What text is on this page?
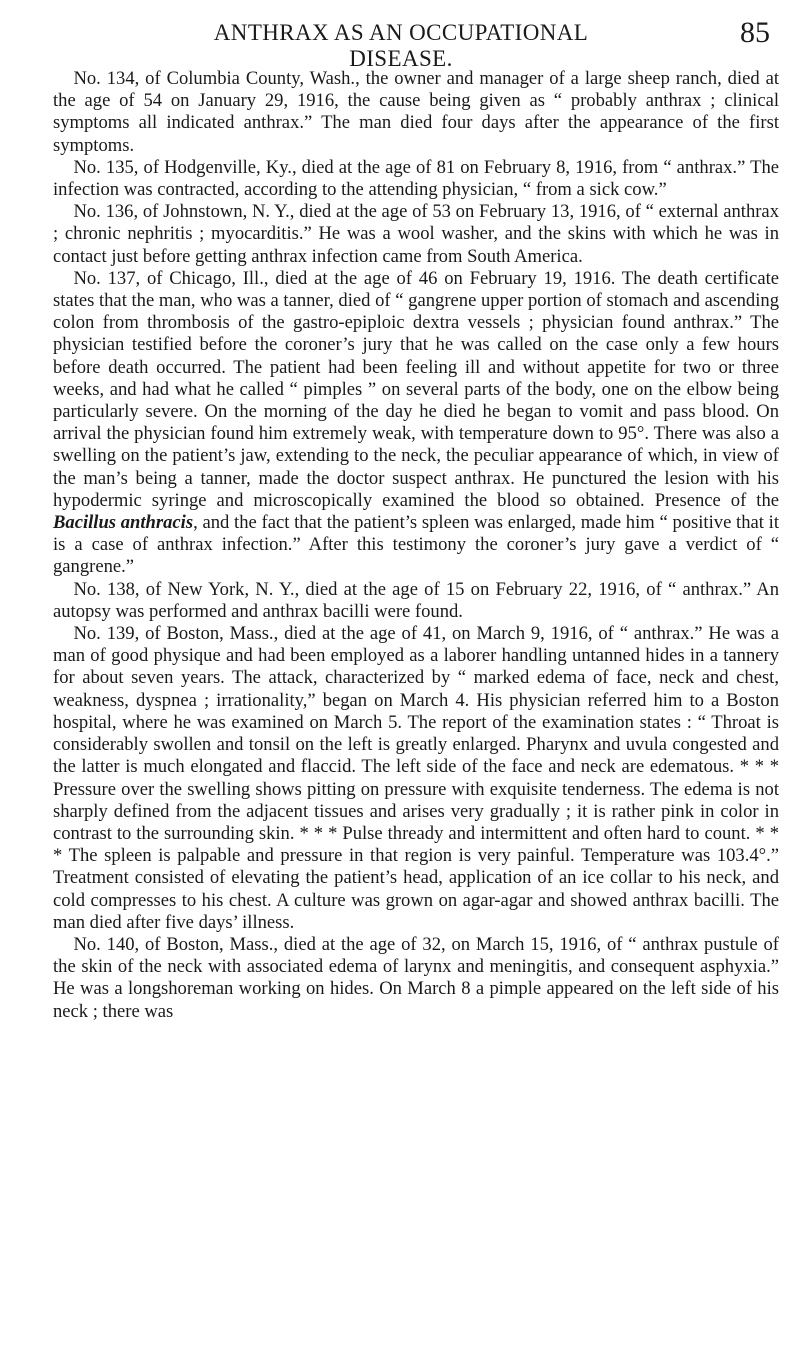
ANTHRAX AS AN OCCUPATIONAL DISEASE.
85

No. 134, of Columbia County, Wash., the owner and manager of a large sheep ranch, died at the age of 54 on January 29, 1916, the cause being given as “ probably anthrax ; clinical symptoms all indicated anthrax.” The man died four days after the appearance of the first symptoms.

No. 135, of Hodgenville, Ky., died at the age of 81 on February 8, 1916, from “ anthrax.” The infection was contracted, according to the attending physician, “ from a sick cow.”

No. 136, of Johnstown, N. Y., died at the age of 53 on February 13, 1916, of “ external anthrax ; chronic nephritis ; myocarditis.” He was a wool washer, and the skins with which he was in contact just before getting anthrax infection came from South America.

No. 137, of Chicago, Ill., died at the age of 46 on February 19, 1916. The death certificate states that the man, who was a tanner, died of “ gangrene upper portion of stomach and ascending colon from thrombosis of the gastro-epiploic dextra vessels ; physician found anthrax.” The physician testified before the coroner’s jury that he was called on the case only a few hours before death occurred. The patient had been feeling ill and without appetite for two or three weeks, and had what he called “ pimples ” on several parts of the body, one on the elbow being particularly severe. On the morning of the day he died he began to vomit and pass blood. On arrival the physician found him extremely weak, with temperature down to 95°. There was also a swelling on the patient’s jaw, extending to the neck, the peculiar appearance of which, in view of the man’s being a tanner, made the doctor suspect anthrax. He punctured the lesion with his hypodermic syringe and microscopically examined the blood so obtained. Presence of the Bacillus anthracis, and the fact that the patient’s spleen was enlarged, made him “ positive that it is a case of anthrax infection.” After this testimony the coroner’s jury gave a verdict of “ gangrene.”

No. 138, of New York, N. Y., died at the age of 15 on February 22, 1916, of “ anthrax.” An autopsy was performed and anthrax bacilli were found.

No. 139, of Boston, Mass., died at the age of 41, on March 9, 1916, of “ anthrax.” He was a man of good physique and had been employed as a laborer handling untanned hides in a tannery for about seven years. The attack, characterized by “ marked edema of face, neck and chest, weakness, dyspnea ; irrationality,” began on March 4. His physician referred him to a Boston hospital, where he was examined on March 5. The report of the examination states : “ Throat is considerably swollen and tonsil on the left is greatly enlarged. Pharynx and uvula congested and the latter is much elongated and flaccid. The left side of the face and neck are edematous. * * * Pressure over the swelling shows pitting on pressure with exquisite tenderness. The edema is not sharply defined from the adjacent tissues and arises very gradually ; it is rather pink in color in contrast to the surrounding skin. * * * Pulse thready and intermittent and often hard to count. * * * The spleen is palpable and pressure in that region is very painful. Temperature was 103.4°.” Treatment consisted of elevating the patient’s head, application of an ice collar to his neck, and cold compresses to his chest. A culture was grown on agar-agar and showed anthrax bacilli. The man died after five days’ illness.

No. 140, of Boston, Mass., died at the age of 32, on March 15, 1916, of “ anthrax pustule of the skin of the neck with associated edema of larynx and meningitis, and consequent asphyxia.” He was a longshoreman working on hides. On March 8 a pimple appeared on the left side of his neck ; there was
